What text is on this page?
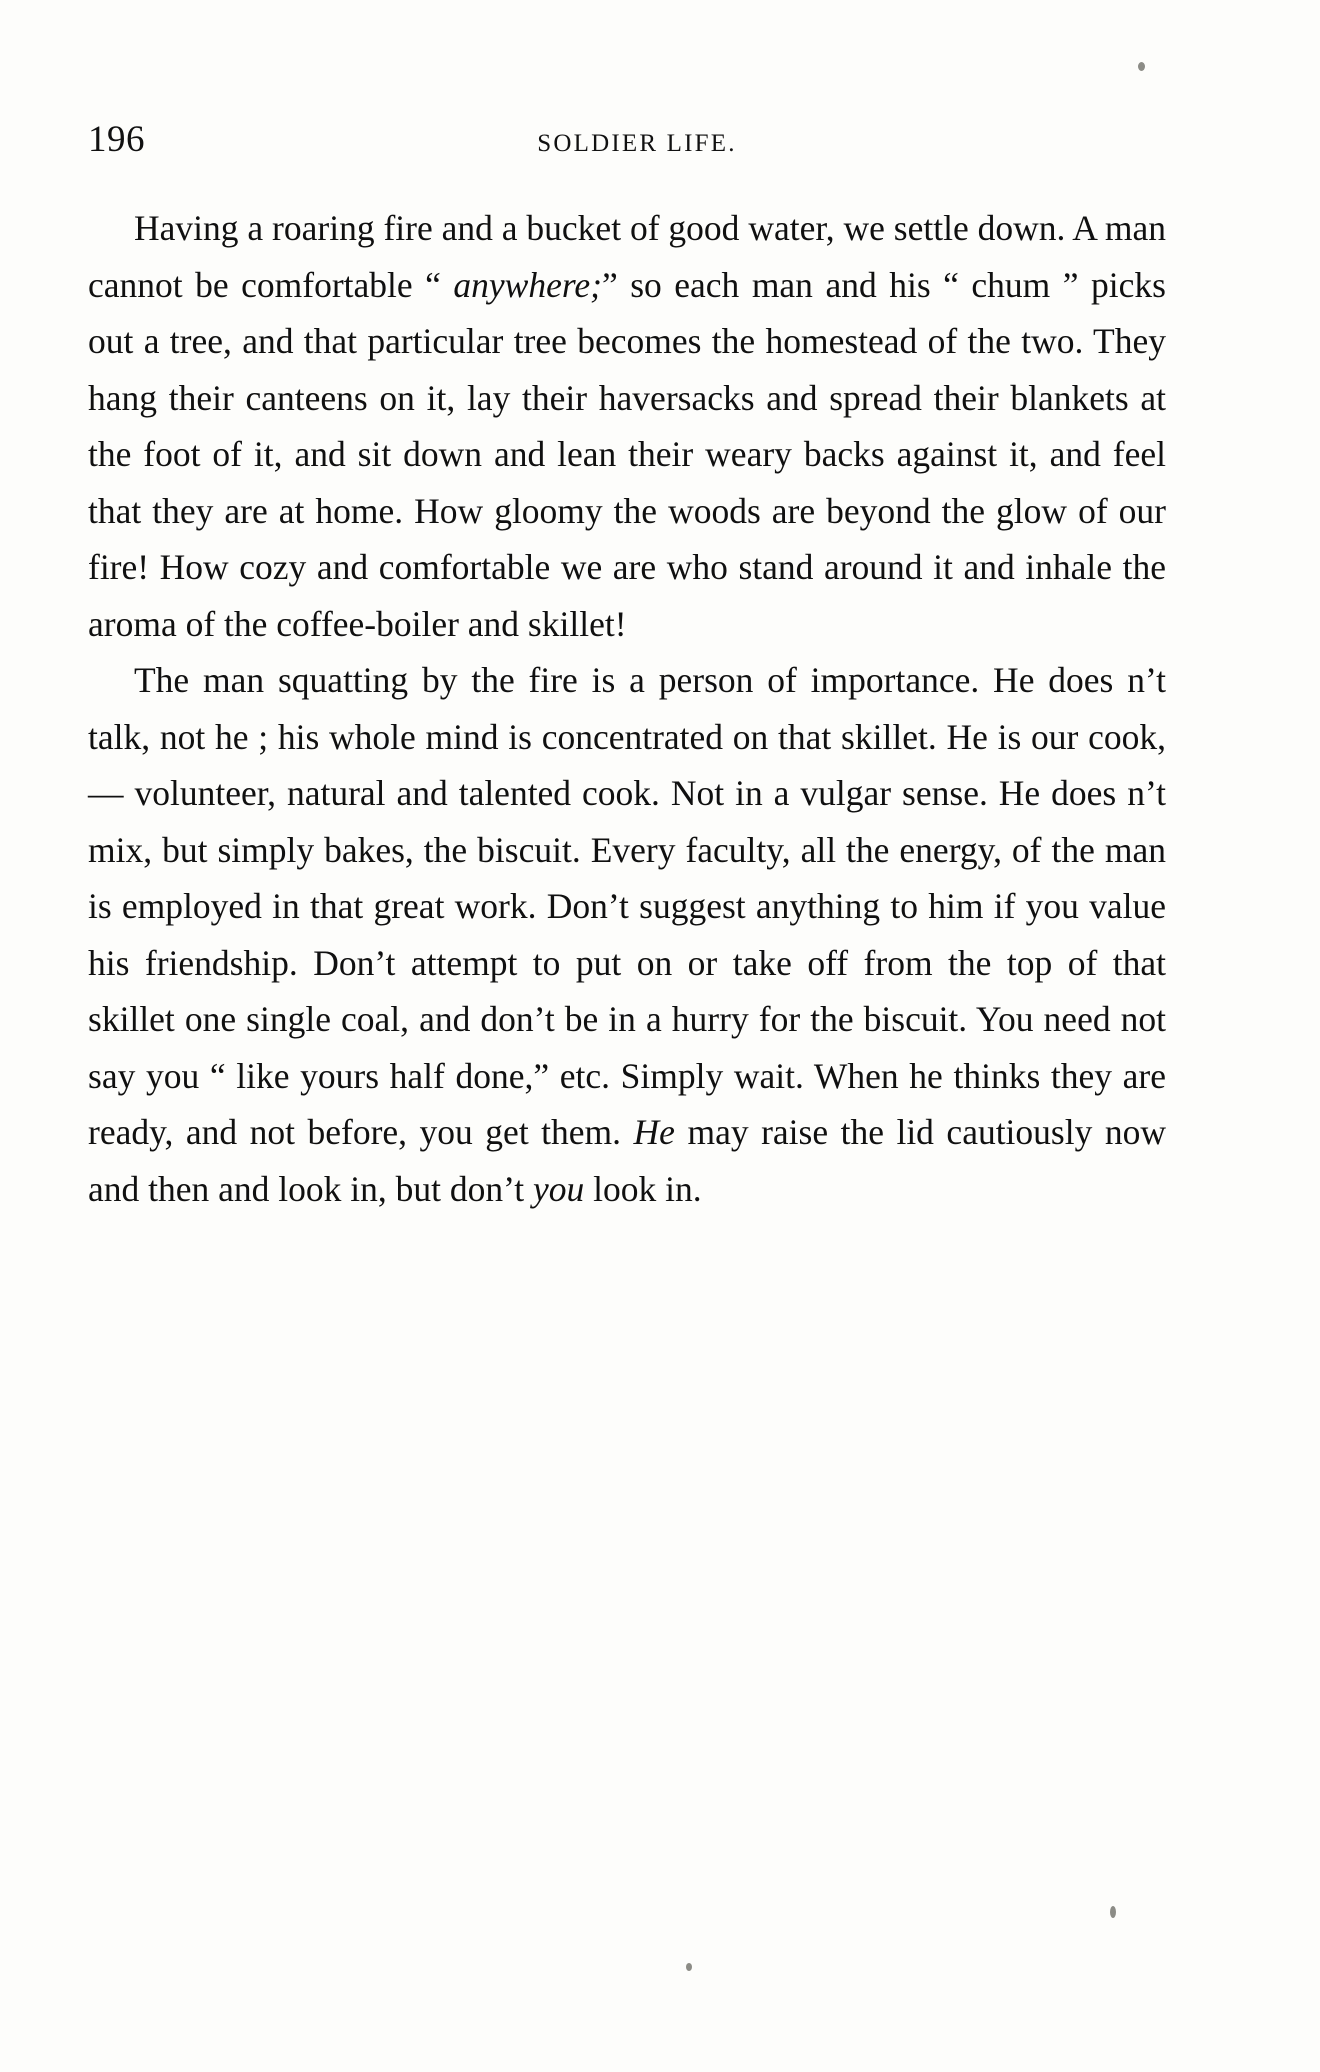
196	SOLDIER LIFE.

Having a roaring fire and a bucket of good water, we settle down. A man cannot be comfortable “ anywhere;” so each man and his “ chum ” picks out a tree, and that particular tree becomes the homestead of the two. They hang their canteens on it, lay their haversacks and spread their blankets at the foot of it, and sit down and lean their weary backs against it, and feel that they are at home. How gloomy the woods are beyond the glow of our fire! How cozy and comfortable we are who stand around it and inhale the aroma of the coffee-boiler and skillet!

The man squatting by the fire is a person of importance. He does n’t talk, not he ; his whole mind is concentrated on that skillet. He is our cook, — volunteer, natural and talented cook. Not in a vulgar sense. He does n’t mix, but simply bakes, the biscuit. Every faculty, all the energy, of the man is employed in that great work. Don’t suggest anything to him if you value his friendship. Don’t attempt to put on or take off from the top of that skillet one single coal, and don’t be in a hurry for the biscuit. You need not say you “ like yours half done,” etc. Simply wait. When he thinks they are ready, and not before, you get them. He may raise the lid cautiously now and then and look in, but don’t you look in.
